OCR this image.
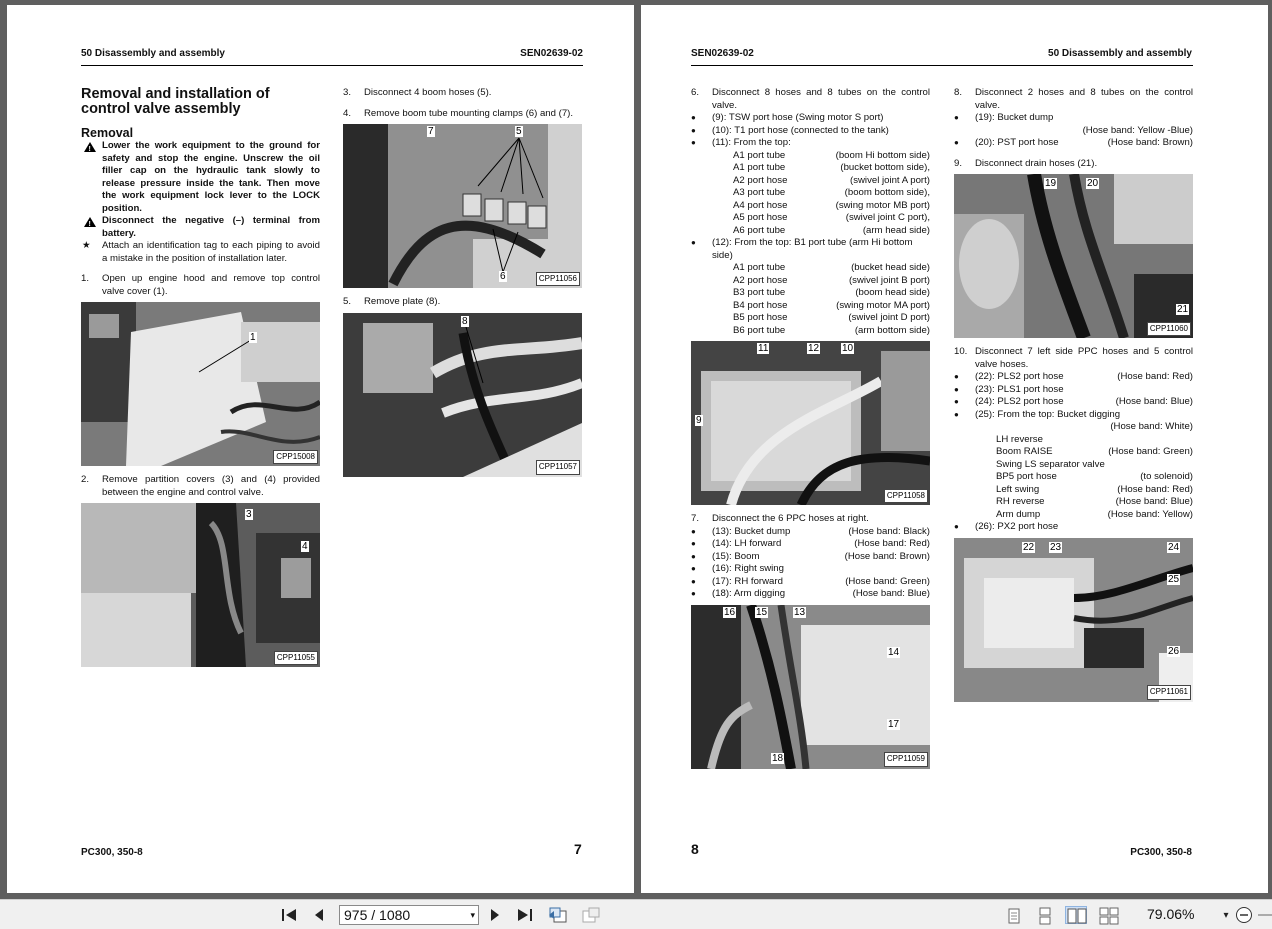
50 Disassembly and assembly	SEN02639-02
Removal and installation of control valve assembly
Removal
!
Lower the work equipment to the ground for safety and stop the engine. Unscrew the oil filler cap on the hydraulic tank slowly to release pressure inside the tank. Then move the work equipment lock lever to the LOCK position.
!
Disconnect the negative (–) terminal from battery.
★ Attach an identification tag to each piping to avoid a mistake in the position of installation later.
1. Open up engine hood and remove top control valve cover (1).
1
CPP15008
2. Remove partition covers (3) and (4) provided between the engine and control valve.
3
4
CPP11055
3. Disconnect 4 boom hoses (5).
4. Remove boom tube mounting clamps (6) and (7).
7	5
6	CPP11056
5. Remove plate (8).
8
CPP11057
PC300, 350-8	7
SEN02639-02	50 Disassembly and assembly
6. Disconnect 8 hoses and 8 tubes on the control valve.
● (9): TSW port hose (Swing motor S port)
● (10): T1 port hose (connected to the tank)
● (11): From the top:
A1 port tube	(boom Hi bottom side)
A1 port tube	(bucket bottom side),
A2 port hose	(swivel joint A port)
A3 port tube	(boom bottom side),
A4 port hose	(swing motor MB port)
A5 port hose	(swivel joint C port),
A6 port tube	(arm head side)
● (12): From the top: B1 port tube (arm Hi bottom side)
A1 port tube	(bucket head side)
A2 port hose	(swivel joint B port)
B3 port tube	(boom head side)
B4 port hose	(swing motor MA port)
B5 port hose	(swivel joint D port)
B6 port tube	(arm bottom side)
11	12 10
9
CPP11058
7. Disconnect the 6 PPC hoses at right.
● (13): Bucket dump	(Hose band: Black)
● (14): LH forward	(Hose band: Red)
● (15): Boom	(Hose band: Brown)
● (16): Right swing
● (17): RH forward	(Hose band: Green)
● (18): Arm digging	(Hose band: Blue)
16 15	13
14
17
18	CPP11059
8. Disconnect 2 hoses and 8 tubes on the control valve.
● (19): Bucket dump
(Hose band: Yellow -Blue)
● (20): PST port hose	(Hose band: Brown)
9. Disconnect drain hoses (21).
19	20
21
CPP11060
10. Disconnect 7 left side PPC hoses and 5 control valve hoses.
● (22): PLS2 port hose	(Hose band: Red)
● (23): PLS1 port hose
● (24): PLS2 port hose	(Hose band: Blue)
● (25): From the top: Bucket digging
(Hose band: White)
LH reverse
Boom RAISE	(Hose band: Green)
Swing LS separator valve
BP5 port hose	(to solenoid)
Left swing	(Hose band: Red)
RH reverse	(Hose band: Blue)
Arm dump	(Hose band: Yellow)
● (26): PX2 port hose
22 23	24
25
26
CPP11061
8	PC300, 350-8
975 / 1080	▾	79.06%	▾
